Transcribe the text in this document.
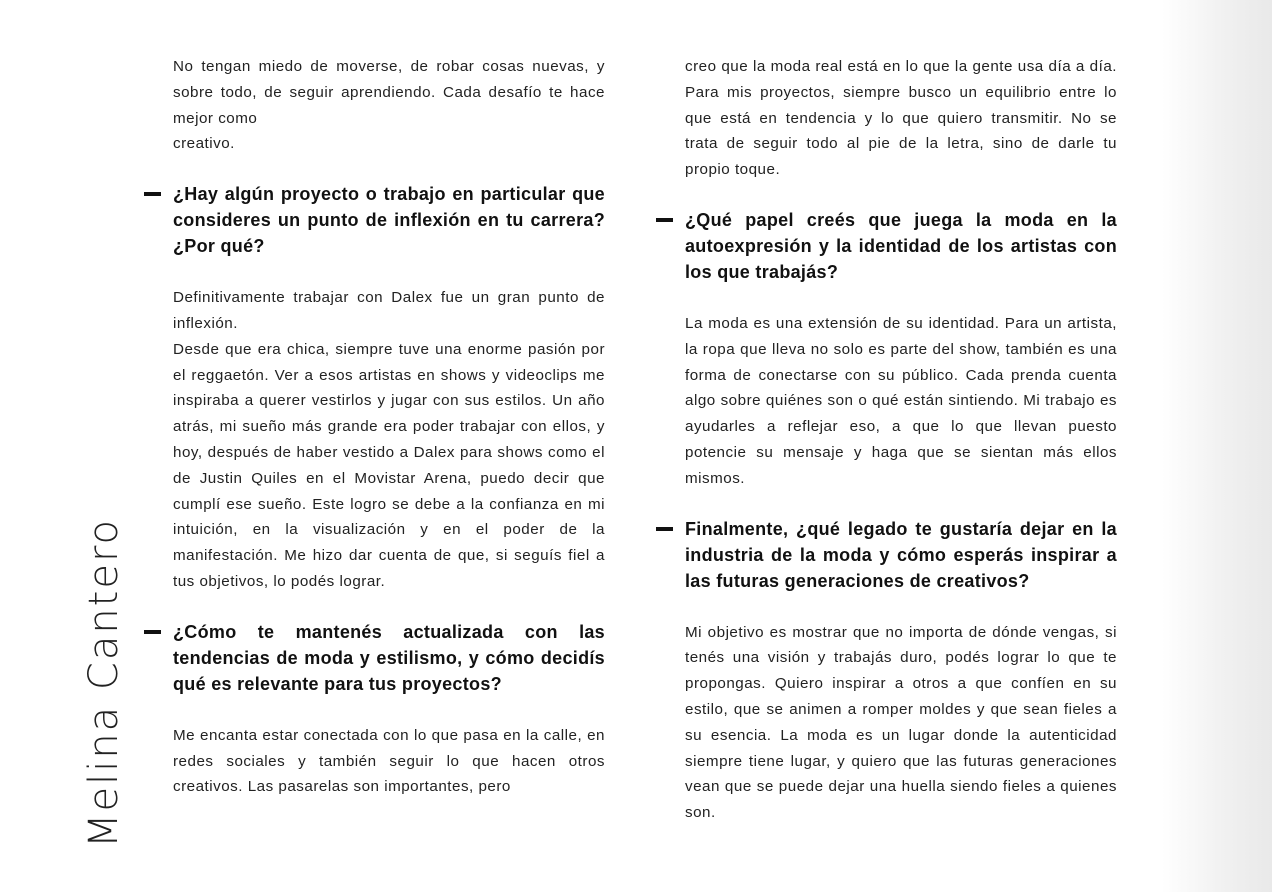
Melina Cantero

No tengan miedo de moverse, de robar cosas nuevas, y sobre todo, de seguir aprendiendo. Cada desafío te hace mejor como

creativo.

¿Hay algún proyecto o trabajo en particular que consideres un punto de inflexión en tu carrera? ¿Por qué?

Definitivamente trabajar con Dalex fue un gran punto de inflexión.

Desde que era chica, siempre tuve una enorme pasión por el reggaetón. Ver a esos artistas en shows y videoclips me inspiraba a querer vestirlos y jugar con sus estilos. Un año atrás, mi sueño más grande era poder trabajar con ellos, y hoy, después de haber vestido a Dalex para shows como el de Justin Quiles en el Movistar Arena, puedo decir que cumplí ese sueño. Este logro se debe a la confianza en mi intuición, en la visualización y en el poder de la manifestación. Me hizo dar cuenta de que, si seguís fiel a tus objetivos, lo podés lograr.

¿Cómo te mantenés actualizada con las tendencias de moda y estilismo, y cómo decidís qué es relevante para tus proyectos?

Me encanta estar conectada con lo que pasa en la calle, en redes sociales y también seguir lo que hacen otros creativos. Las pasarelas son importantes, pero

creo que la moda real está en lo que la gente usa día a día. Para mis proyectos, siempre busco un equilibrio entre lo que está en tendencia y lo que quiero transmitir. No se trata de seguir todo al pie de la letra, sino de darle tu propio toque.

¿Qué papel creés que juega la moda en la autoexpresión y la identidad de los artistas con los que trabajás?

La moda es una extensión de su identidad. Para un artista, la ropa que lleva no solo es parte del show, también es una forma de conectarse con su público. Cada prenda cuenta algo sobre quiénes son o qué están sintiendo. Mi trabajo es ayudarles a reflejar eso, a que lo que llevan puesto potencie su mensaje y haga que se sientan más ellos mismos.

Finalmente, ¿qué legado te gustaría dejar en la industria de la moda y cómo esperás inspirar a las futuras generaciones de creativos?

Mi objetivo es mostrar que no importa de dónde vengas, si tenés una visión y trabajás duro, podés lograr lo que te propongas. Quiero inspirar a otros a que confíen en su estilo, que se animen a romper moldes y que sean fieles a su esencia. La moda es un lugar donde la autenticidad siempre tiene lugar, y quiero que las futuras generaciones vean que se puede dejar una huella siendo fieles a quienes son.
